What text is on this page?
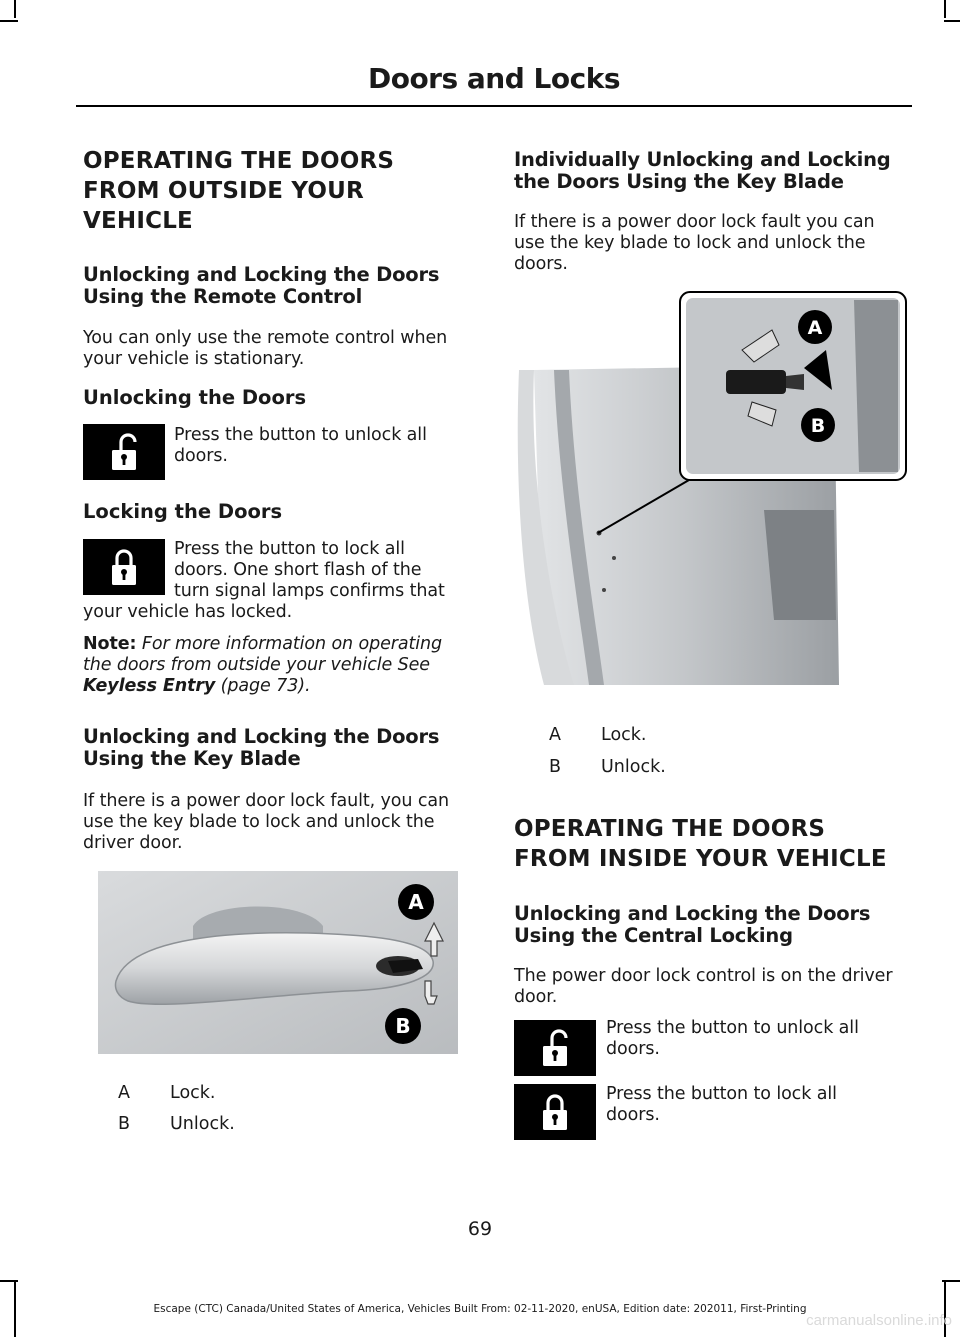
Doors and Locks
OPERATING THE DOORS
FROM OUTSIDE YOUR
VEHICLE
Unlocking and Locking the Doors
Using the Remote Control
You can only use the remote control when
your vehicle is stationary.
Unlocking the Doors
Press the button to unlock all
doors.
Locking the Doors
Press the button to lock all
doors. One short flash of the
turn signal lamps confirms that
your vehicle has locked.
Note: For more information on operating
the doors from outside your vehicle See
Keyless Entry (page 73).
Unlocking and Locking the Doors
Using the Key Blade
If there is a power door lock fault, you can
use the key blade to lock and unlock the
driver door.
A
B
A Lock.
B Unlock.
Individually Unlocking and Locking
the Doors Using the Key Blade
If there is a power door lock fault you can
use the key blade to lock and unlock the
doors.
A
B
A Lock.
B Unlock.
OPERATING THE DOORS
FROM INSIDE YOUR VEHICLE
Unlocking and Locking the Doors
Using the Central Locking
The power door lock control is on the driver
door.
Press the button to unlock all
doors.
Press the button to lock all
doors.
69
Escape (CTC) Canada/United States of America, Vehicles Built From: 02-11-2020, enUSA, Edition date: 202011, First-Printing
carmanualsonline.info
